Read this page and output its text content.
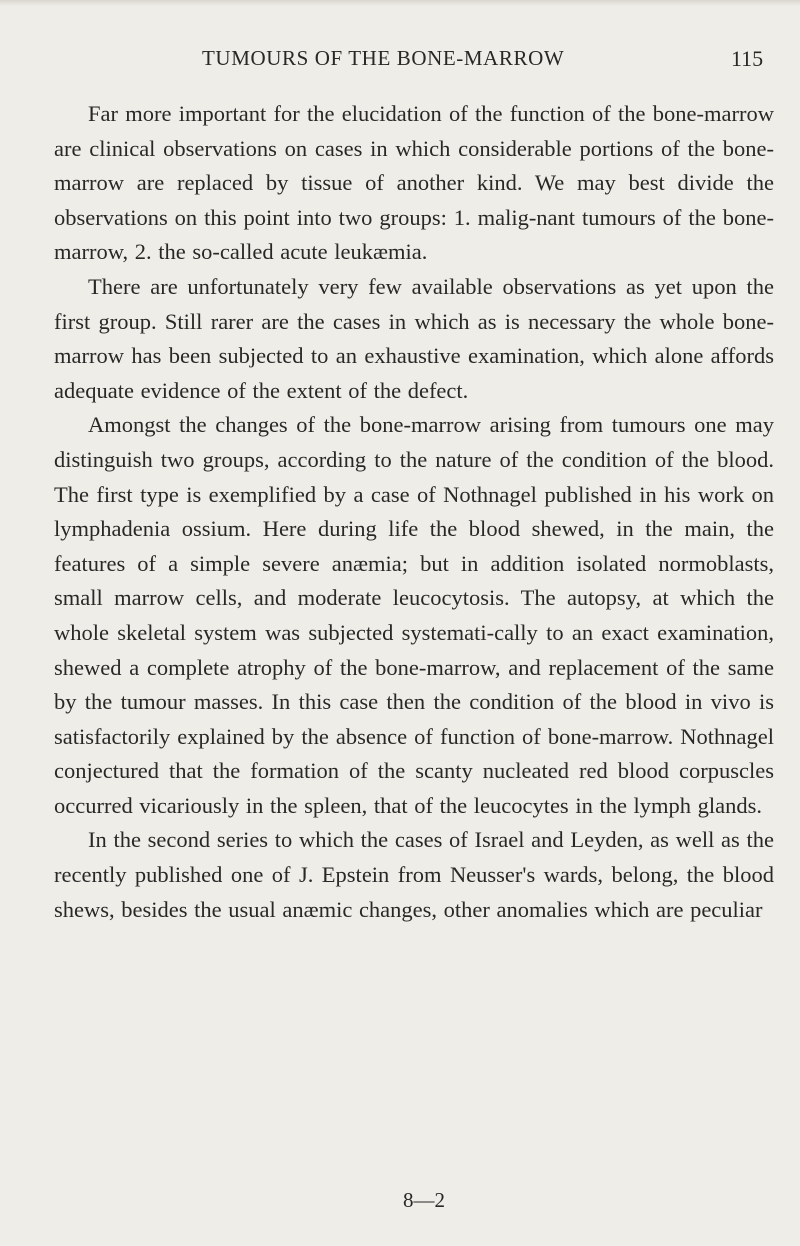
TUMOURS OF THE BONE-MARROW	115

Far more important for the elucidation of the function of the bone-marrow are clinical observations on cases in which considerable portions of the bone-marrow are replaced by tissue of another kind. We may best divide the observations on this point into two groups: 1. malig-nant tumours of the bone-marrow, 2. the so-called acute leukæmia.

There are unfortunately very few available observations as yet upon the first group. Still rarer are the cases in which as is necessary the whole bone-marrow has been subjected to an exhaustive examination, which alone affords adequate evidence of the extent of the defect.

Amongst the changes of the bone-marrow arising from tumours one may distinguish two groups, according to the nature of the condition of the blood. The first type is exemplified by a case of Nothnagel published in his work on lymphadenia ossium. Here during life the blood shewed, in the main, the features of a simple severe anæmia; but in addition isolated normoblasts, small marrow cells, and moderate leucocytosis. The autopsy, at which the whole skeletal system was subjected systemati-cally to an exact examination, shewed a complete atrophy of the bone-marrow, and replacement of the same by the tumour masses. In this case then the condition of the blood in vivo is satisfactorily explained by the absence of function of bone-marrow. Nothnagel conjectured that the formation of the scanty nucleated red blood corpuscles occurred vicariously in the spleen, that of the leucocytes in the lymph glands.

In the second series to which the cases of Israel and Leyden, as well as the recently published one of J. Epstein from Neusser's wards, belong, the blood shews, besides the usual anæmic changes, other anomalies which are peculiar

8—2
